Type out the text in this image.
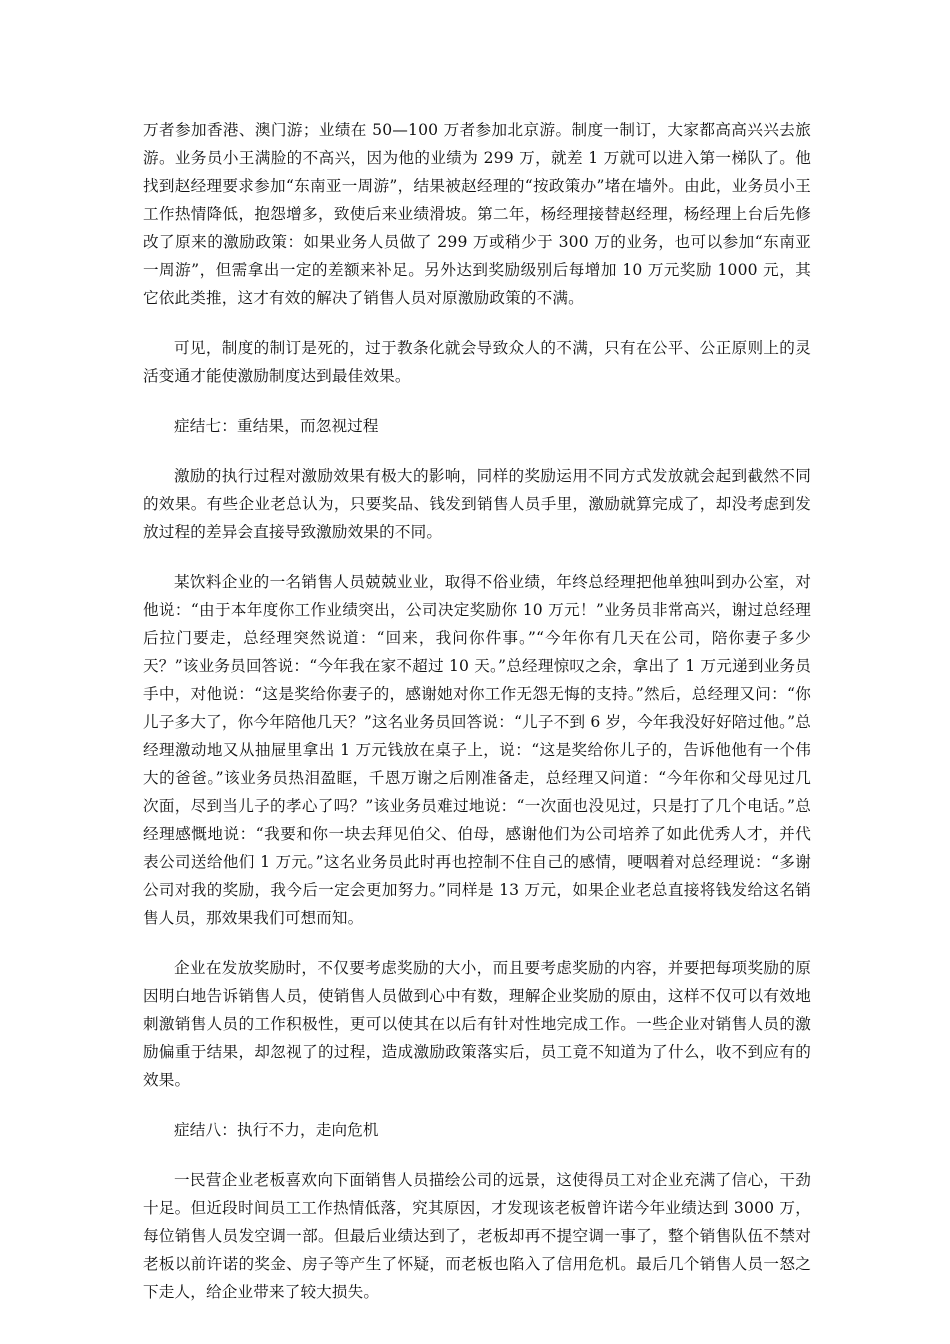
万者参加香港、澳门游；业绩在 50—100 万者参加北京游。制度一制订，大家都高高兴兴去旅游。业务员小王满脸的不高兴，因为他的业绩为 299 万，就差 1 万就可以进入第一梯队了。他找到赵经理要求参加“东南亚一周游”，结果被赵经理的“按政策办”堵在墙外。由此，业务员小王工作热情降低，抱怨增多，致使后来业绩滑坡。第二年，杨经理接替赵经理，杨经理上台后先修改了原来的激励政策：如果业务人员做了 299 万或稍少于 300 万的业务，也可以参加“东南亚一周游”，但需拿出一定的差额来补足。另外达到奖励级别后每增加 10 万元奖励 1000 元，其它依此类推，这才有效的解决了销售人员对原激励政策的不满。

可见，制度的制订是死的，过于教条化就会导致众人的不满，只有在公平、公正原则上的灵活变通才能使激励制度达到最佳效果。

症结七：重结果，而忽视过程

激励的执行过程对激励效果有极大的影响，同样的奖励运用不同方式发放就会起到截然不同的效果。有些企业老总认为，只要奖品、钱发到销售人员手里，激励就算完成了，却没考虑到发放过程的差异会直接导致激励效果的不同。

某饮料企业的一名销售人员兢兢业业，取得不俗业绩，年终总经理把他单独叫到办公室，对他说：“由于本年度你工作业绩突出，公司决定奖励你 10 万元！”业务员非常高兴，谢过总经理后拉门要走，总经理突然说道：“回来，我问你件事。”“今年你有几天在公司，陪你妻子多少天？”该业务员回答说：“今年我在家不超过 10 天。”总经理惊叹之余，拿出了 1 万元递到业务员手中，对他说：“这是奖给你妻子的，感谢她对你工作无怨无悔的支持。”然后，总经理又问：“你儿子多大了，你今年陪他几天？”这名业务员回答说：“儿子不到 6 岁，今年我没好好陪过他。”总经理激动地又从抽屉里拿出 1 万元钱放在桌子上，说：“这是奖给你儿子的，告诉他他有一个伟大的爸爸。”该业务员热泪盈眶，千恩万谢之后刚准备走，总经理又问道：“今年你和父母见过几次面，尽到当儿子的孝心了吗？”该业务员难过地说：“一次面也没见过，只是打了几个电话。”总经理感慨地说：“我要和你一块去拜见伯父、伯母，感谢他们为公司培养了如此优秀人才，并代表公司送给他们 1 万元。”这名业务员此时再也控制不住自己的感情，哽咽着对总经理说：“多谢公司对我的奖励，我今后一定会更加努力。”同样是 13 万元，如果企业老总直接将钱发给这名销售人员，那效果我们可想而知。

企业在发放奖励时，不仅要考虑奖励的大小，而且要考虑奖励的内容，并要把每项奖励的原因明白地告诉销售人员，使销售人员做到心中有数，理解企业奖励的原由，这样不仅可以有效地刺激销售人员的工作积极性，更可以使其在以后有针对性地完成工作。一些企业对销售人员的激励偏重于结果，却忽视了的过程，造成激励政策落实后，员工竟不知道为了什么，收不到应有的效果。

症结八：执行不力，走向危机

一民营企业老板喜欢向下面销售人员描绘公司的远景，这使得员工对企业充满了信心，干劲十足。但近段时间员工工作热情低落，究其原因，才发现该老板曾许诺今年业绩达到 3000 万，每位销售人员发空调一部。但最后业绩达到了，老板却再不提空调一事了，整个销售队伍不禁对老板以前许诺的奖金、房子等产生了怀疑，而老板也陷入了信用危机。最后几个销售人员一怒之下走人，给企业带来了较大损失。
